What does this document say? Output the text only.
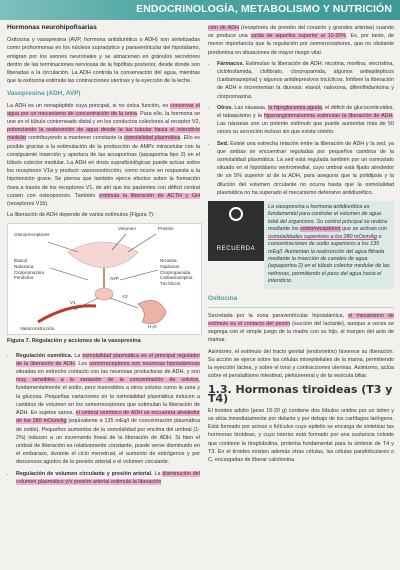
ENDOCRINOLOGÍA, METABOLISMO Y NUTRICIÓN
Hormonas neurohipofisarias

Oxitocina y vasopresina (AVP, hormona antidiurética o ADH) son sintetizadas como prohormonas en los núcleos supraóptico y paraventricular del hipotálamo, emigran por los axones neuronales y se almacenan en gránulos secretores dentro de las terminaciones nerviosas de la hipófisis posterior, desde donde son liberadas a la circulación. La ADH controla la conservación del agua, mientras que la oxitocina estimula las contracciones uterinas y la eyección de la leche.

Vasopresina (ADH, AVP)

La ADH es un nonapéptido cuya principal, si no única función, es conservar el agua por un mecanismo de concentración de la orina. Para ello, la hormona se une en el túbulo contorneado distal y en los conductos colectores al receptor V2, potenciando la reabsorción de agua desde la luz tubular hacia el intersticio medular contribuyendo a mantener constante la osmolalidad plasmática. Ello es posible gracias a la estimulación de la producción de AMPc intracelular con la consiguiente inserción y apertura de las acuaporinas (aquaporina tipo 2) en el túbulo colector medular. La ADH en dosis suprafisiológicas puede actuar sobre los receptores V1a y producir vasoconstricción, como ocurre en respuesta a la hipotensión grave. Se piensa que también ejerce efectos sobre la formación ósea a través de los receptores V1, de ahí que los pacientes con déficit central cursen con osteoporosis. También estimula la liberación de ACTH y GH (receptores V1b).

La liberación de ADH depende de varios estímulos (Figura 7):

Osmorreceptores
Volumen	Presión
Etanol
Naloxona
Clorpromazina
Fenitoína
Nicotina
Opiáceos
Clorpropamida
Carbamazepina
Tricíclicos
AVP
V1
V2
H₂O
Vasoconstricción
Figura 7. Regulación y acciones de la vasopresina
• Regulación osmótica. La osmolalidad plasmática es el principal regulador de la liberación de ADH. Los osmorreceptores son neuronas hipotalámicas situadas en estrecho contacto con las neuronas productoras de ADH, y son muy sensibles a la variación de la concentración de solutos, fundamentalmente el sodio, pero insensibles a otros solutos como la urea y la glucosa. Pequeñas variaciones en la osmolalidad plasmática inducen a cambios de volumen en los osmorreceptores que estimulan la liberación de ADH. En sujetos sanos, el umbral osmótico de ADH se encuentra alrededor de los 280 mOsm/kg (equivalente a 135 mEq/l de concentración plasmática de sodio). Pequeños aumentos de la osmolalidad por encima del umbral (1-2%) inducen a un incremento lineal de la liberación de ADH. Si bien el umbral de liberación es relativamente constante, puede verse disminuido en el embarazo, durante el ciclo menstrual, el aumento de estrógenos y por descensos agudos de la presión arterial o el volumen circulante.
• Regulación de volumen circulante y presión arterial. La disminución del volumen plasmático y/o presión arterial estimula la liberación

ción de ADH (receptores de presión del corazón y grandes arterias) cuando se produce una caída de aquellos superior al 10-20%. Es, por tanto, de menor importancia que la regulación por osmorreceptores, que no obstante predomina en situaciones de mayor riesgo vital.

• Fármacos. Estimulan la liberación de ADH: nicotina, morfina, vincristina, ciclofosfamida, clofibrato, clorpropamida, algunos antiepilépticos (carbamazepina) y algunos antidepresivos tricíclicos. Inhiben la liberación de ADH e incrementan la diuresis: etanol, naloxona, difenilhidantoína y clorpromazina.
• Otros. Las náuseas, la hipoglucemia aguda, el déficit de glucocorticoides, el tabaquismo y la hiperangiotensinemia estimulan la liberación de ADH. Las náuseas son un potente estímulo que puede aumentar más de 50 veces su secreción incluso sin que exista vómito.
• Sed. Existe una estrecha relación entre la liberación de ADH y la sed, ya que ambas se encuentran reguladas por pequeños cambios de la osmolalidad plasmática. La sed está regulada también por un osmostato situado en el hipotálamo ventromedial, cuyo umbral está fijado alrededor de un 5% superior al de la ADH, para asegurar que la polidipsia y la dilución del volumen circulante no ocurra hasta que la osmolalidad plasmática no ha superado el mecanismo defensivo antidiurético.
RECUERDA
La vasopresina u hormona antidiurética es fundamental para controlar el volumen de agua total del organismo. Su control principal se realiza mediante los osmorreceptores que se activan con osmolalidades superiores a los 280 mOsm/kg o concentraciones de sodio superiores a los 135 mEq/l. Aumentan la reabsorción del agua filtrada mediante la inserción de canales de agua (aquaporina 2) en el túbulo colector medular de las nefronas, permitiendo el paso del agua hacia el intersticio.
Oxitocina

Secretada por la zona paraventricular hipotalámica, el mecanismo de estímulo es el contacto del pezón (succión del lactante), aunque a veces se segrega con el simple juego de la madre con su hijo, al margen del acto de mamar.

Asimismo, el estímulo del tracto genital (endometrio) favorece su liberación. Su acción se ejerce sobre las células mioepiteliales de la mama, permitiendo la eyección láctea, y sobre el tono y contracciones uterinas. Asimismo, actúa sobre el peristaltismo intestinal, pielourereral y de la vesícula biliar.

1.3. Hormonas tiroideas (T3 y T4)

El tiroides adulto (peso 15-20 g) contiene dos lóbulos unidos por un istmo y se sitúa inmediatamente por delante y por debajo de los cartílagos laríngeos. Está formado por acinos o folículos cuyo epitelio se encarga de sintetizar las hormonas tiroideas, y cuyo interior está formado por una sustancia coloide que contiene la tiroglobulina, proteína fundamental para la síntesis de T4 y T3. En el tiroides existen además otras células, las células parafoliculares o C, encargadas de liberar calcitonina.
